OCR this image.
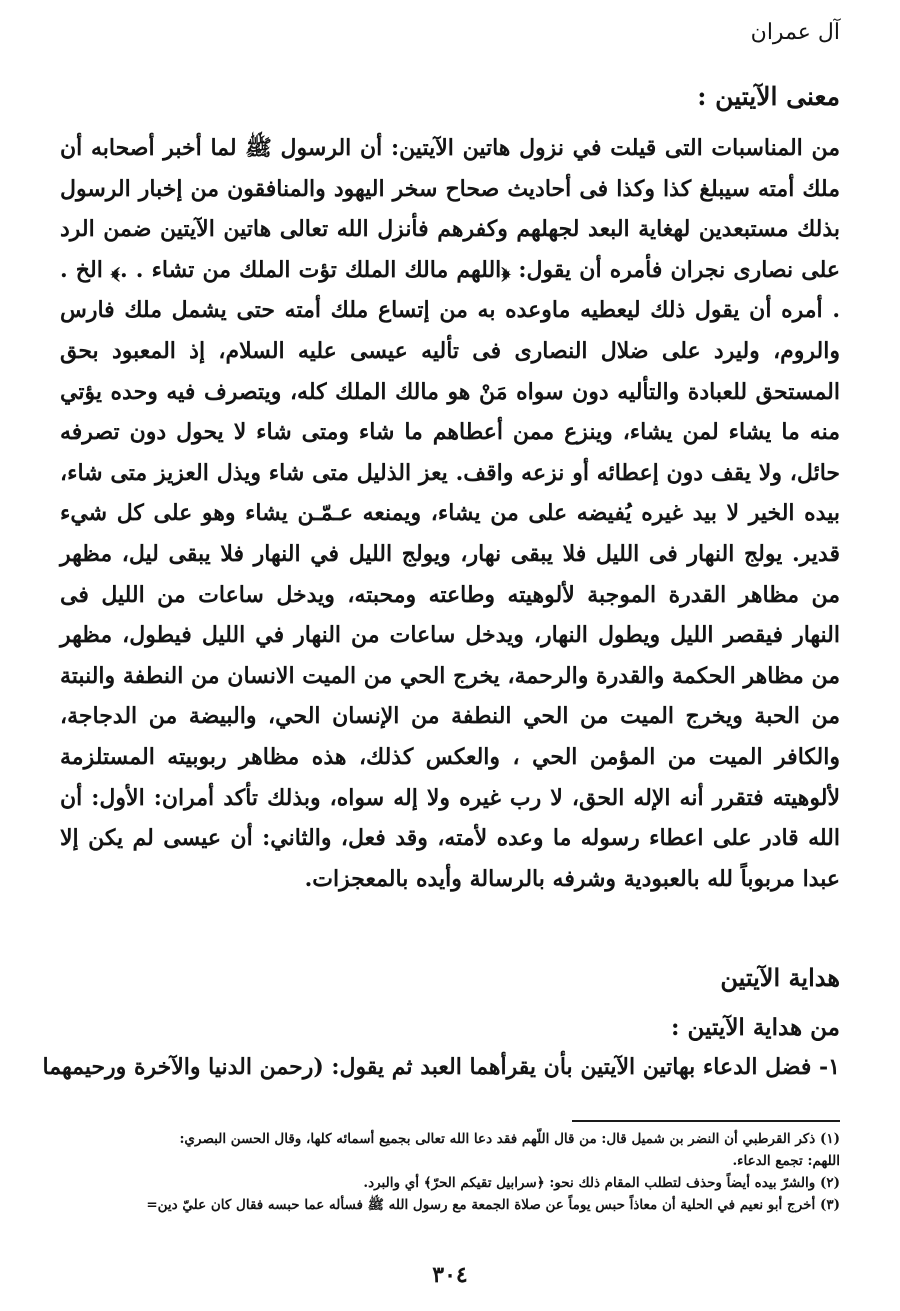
آل عمران
معنى الآيتين :

من المناسبات التى قيلت في نزول هاتين الآيتين: أن الرسول ﷺ لما أخبر أصحابه أن ملك أمته سيبلغ كذا وكذا فى أحاديث صحاح سخر اليهود والمنافقون من إخبار الرسول بذلك مستبعدين لهغاية البعد لجهلهم وكفرهم فأنزل الله تعالى هاتين الآيتين ضمن الرد على نصارى نجران فأمره أن يقول: ﴿اللهم مالك الملك تؤت الملك من تشاء . .﴾ الخ . . أمره أن يقول ذلك ليعطيه ماوعده به من إتساع ملك أمته حتى يشمل ملك فارس والروم، وليرد على ضلال النصارى فى تأليه عيسى عليه السلام، إذ المعبود بحق المستحق للعبادة والتأليه دون سواه مَنْ هو مالك الملك كله، ويتصرف فيه وحده يؤتي منه ما يشاء لمن يشاء، وينزع ممن أعطاهم ما شاء ومتى شاء لا يحول دون تصرفه حائل، ولا يقف دون إعطائه أو نزعه واقف. يعز الذليل متى شاء ويذل العزيز متى شاء، بيده الخير لا بيد غيره يُفيضه على من يشاء، ويمنعه عـمّـن يشاء وهو على كل شيء قدير. يولج النهار فى الليل فلا يبقى نهار، ويولج الليل في النهار فلا يبقى ليل، مظهر من مظاهر القدرة الموجبة لألوهيته وطاعته ومحبته، ويدخل ساعات من الليل فى النهار فيقصر الليل ويطول النهار، ويدخل ساعات من النهار في الليل فيطول، مظهر من مظاهر الحكمة والقدرة والرحمة، يخرج الحي من الميت الانسان من النطفة والنبتة من الحبة ويخرج الميت من الحي النطفة من الإنسان الحي، والبيضة من الدجاجة، والكافر الميت من المؤمن الحي ، والعكس كذلك، هذه مظاهر ربوبيته المستلزمة لألوهيته فتقرر أنه الإله الحق، لا رب غيره ولا إله سواه، وبذلك تأكد أمران: الأول: أن الله قادر على اعطاء رسوله ما وعده لأمته، وقد فعل، والثاني: أن عيسى لم يكن إلا عبدا مربوباً لله بالعبودية وشرفه بالرسالة وأيده بالمعجزات.

هداية الآيتين
من هداية الآيتين :
١- فضل الدعاء بهاتين الآيتين بأن يقرأهما العبد ثم يقول: (رحمن الدنيا والآخرة ورحيمهما

(١) ذكر القرطبي أن النضر بن شميل قال: من قال اللّهم فقد دعا الله تعالى بجميع أسمائه كلها، وقال الحسن البصري:

اللهم: تجمع الدعاء.

(٢) والشرّ بيده أيضاً وحذف لتطلب المقام ذلك نحو: ﴿سرابيل تقيكم الحرّ﴾ أي والبرد.

(٣) أخرج أبو نعيم في الحلية أن معاذاً حبس يوماً عن صلاة الجمعة مع رسول الله ﷺ فسأله عما حبسه فقال كان عليّ دين=

٣٠٤
